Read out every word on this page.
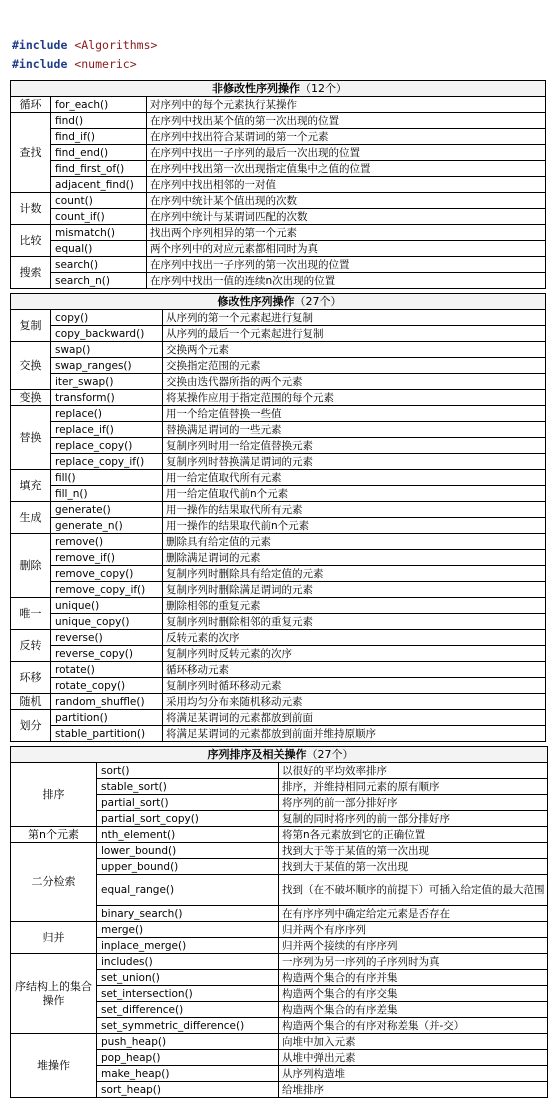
#include <Algorithms>
#include <numeric>
非修改性序列操作（12个）		
循环	for_each()	对序列中的每个元素执行某操作
查找	find()	在序列中找出某个值的第一次出现的位置
	find_if()	在序列中找出符合某谓词的第一个元素
	find_end()	在序列中找出一子序列的最后一次出现的位置
	find_first_of()	在序列中找出第一次出现指定值集中之值的位置
	adjacent_find()	在序列中找出相邻的一对值
计数	count()	在序列中统计某个值出现的次数
	count_if()	在序列中统计与某谓词匹配的次数
比较	mismatch()	找出两个序列相异的第一个元素
	equal()	两个序列中的对应元素都相同时为真
搜索	search()	在序列中找出一子序列的第一次出现的位置
	search_n()	在序列中找出一值的连续n次出现的位置
修改性序列操作（27个）		
复制	copy()	从序列的第一个元素起进行复制
	copy_backward()	从序列的最后一个元素起进行复制
交换	swap()	交换两个元素
	swap_ranges()	交换指定范围的元素
	iter_swap()	交换由迭代器所指的两个元素
变换	transform()	将某操作应用于指定范围的每个元素
替换	replace()	用一个给定值替换一些值
	replace_if()	替换满足谓词的一些元素
	replace_copy()	复制序列时用一给定值替换元素
	replace_copy_if()	复制序列时替换满足谓词的元素
填充	fill()	用一给定值取代所有元素
	fill_n()	用一给定值取代前n个元素
生成	generate()	用一操作的结果取代所有元素
	generate_n()	用一操作的结果取代前n个元素
删除	remove()	删除具有给定值的元素
	remove_if()	删除满足谓词的元素
	remove_copy()	复制序列时删除具有给定值的元素
	remove_copy_if()	复制序列时删除满足谓词的元素
唯一	unique()	删除相邻的重复元素
	unique_copy()	复制序列时删除相邻的重复元素
反转	reverse()	反转元素的次序
	reverse_copy()	复制序列时反转元素的次序
环移	rotate()	循环移动元素
	rotate_copy()	复制序列时循环移动元素
随机	random_shuffle()	采用均匀分布来随机移动元素
划分	partition()	将满足某谓词的元素都放到前面
	stable_partition()	将满足某谓词的元素都放到前面并维持原顺序
序列排序及相关操作（27个）		
排序	sort()	以很好的平均效率排序
	stable_sort()	排序，并维持相同元素的原有顺序
	partial_sort()	将序列的前一部分排好序
	partial_sort_copy()	复制的同时将序列的前一部分排好序
第n个元素	nth_element()	将第n各元素放到它的正确位置
二分检索	lower_bound()	找到大于等于某值的第一次出现
	upper_bound()	找到大于某值的第一次出现
	equal_range()	找到（在不破坏顺序的前提下）可插入给定值的最大范围
	binary_search()	在有序序列中确定给定元素是否存在
归并	merge()	归并两个有序序列
	inplace_merge()	归并两个接续的有序序列
序结构上的集合操作	includes()	一序列为另一序列的子序列时为真
	set_union()	构造两个集合的有序并集
	set_intersection()	构造两个集合的有序交集
	set_difference()	构造两个集合的有序差集
	set_symmetric_difference()	构造两个集合的有序对称差集（并-交）
堆操作	push_heap()	向堆中加入元素
	pop_heap()	从堆中弹出元素
	make_heap()	从序列构造堆
	sort_heap()	给堆排序
